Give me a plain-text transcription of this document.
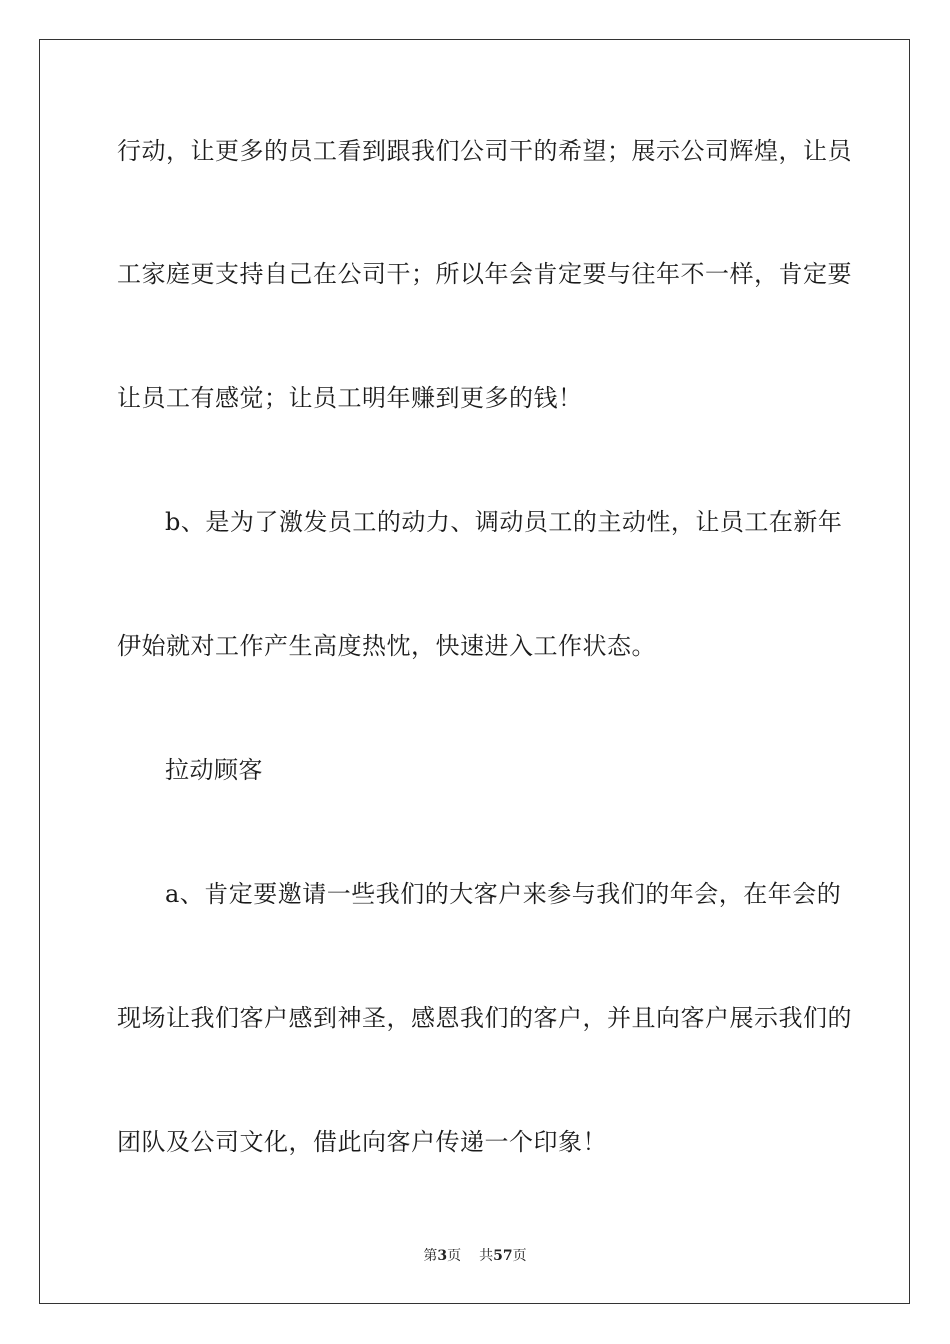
行动，让更多的员工看到跟我们公司干的希望；展示公司辉煌，让员
工家庭更支持自己在公司干；所以年会肯定要与往年不一样，肯定要
让员工有感觉；让员工明年赚到更多的钱！
b、是为了激发员工的动力、调动员工的主动性，让员工在新年
伊始就对工作产生高度热忱，快速进入工作状态。
拉动顾客
a、肯定要邀请一些我们的大客户来参与我们的年会，在年会的
现场让我们客户感到神圣，感恩我们的客户，并且向客户展示我们的
团队及公司文化，借此向客户传递一个印象！
第3页 共57页
